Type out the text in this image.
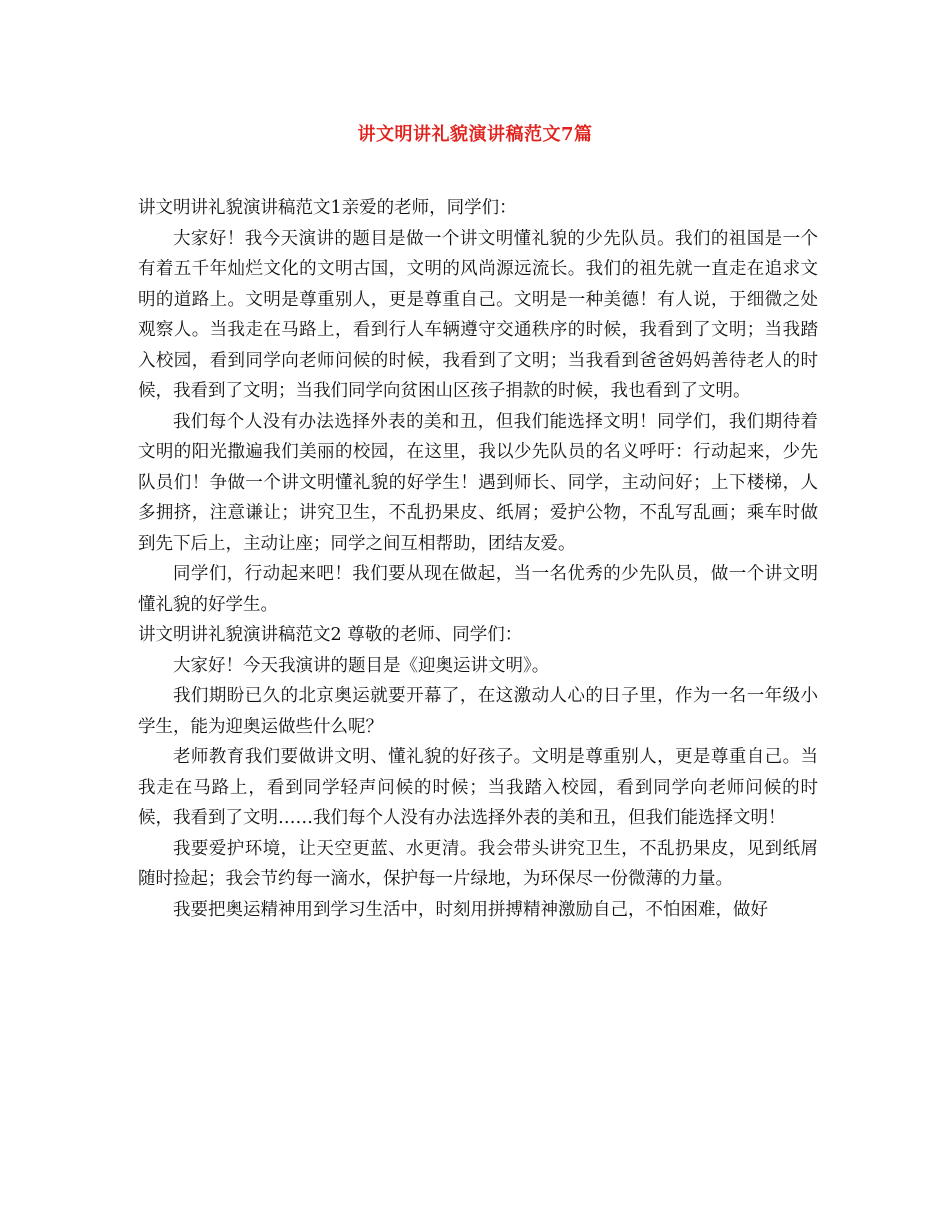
讲文明讲礼貌演讲稿范文7篇

讲文明讲礼貌演讲稿范文1亲爱的老师，同学们：

大家好！我今天演讲的题目是做一个讲文明懂礼貌的少先队员。我们的祖国是一个有着五千年灿烂文化的文明古国，文明的风尚源远流长。我们的祖先就一直走在追求文明的道路上。文明是尊重别人，更是尊重自己。文明是一种美德！有人说，于细微之处观察人。当我走在马路上，看到行人车辆遵守交通秩序的时候，我看到了文明；当我踏入校园，看到同学向老师问候的时候，我看到了文明；当我看到爸爸妈妈善待老人的时候，我看到了文明；当我们同学向贫困山区孩子捐款的时候，我也看到了文明。

我们每个人没有办法选择外表的美和丑，但我们能选择文明！同学们，我们期待着文明的阳光撒遍我们美丽的校园，在这里，我以少先队员的名义呼吁：行动起来，少先队员们！争做一个讲文明懂礼貌的好学生！遇到师长、同学，主动问好；上下楼梯，人多拥挤，注意谦让；讲究卫生，不乱扔果皮、纸屑；爱护公物，不乱写乱画；乘车时做到先下后上，主动让座；同学之间互相帮助，团结友爱。

同学们，行动起来吧！我们要从现在做起，当一名优秀的少先队员，做一个讲文明懂礼貌的好学生。

讲文明讲礼貌演讲稿范文2 尊敬的老师、同学们：

大家好！今天我演讲的题目是《迎奥运讲文明》。

我们期盼已久的北京奥运就要开幕了，在这激动人心的日子里，作为一名一年级小学生，能为迎奥运做些什么呢？

老师教育我们要做讲文明、懂礼貌的好孩子。文明是尊重别人，更是尊重自己。当我走在马路上，看到同学轻声问候的时候；当我踏入校园，看到同学向老师问候的时候，我看到了文明……我们每个人没有办法选择外表的美和丑，但我们能选择文明！

我要爱护环境，让天空更蓝、水更清。我会带头讲究卫生，不乱扔果皮，见到纸屑随时捡起；我会节约每一滴水，保护每一片绿地，为环保尽一份微薄的力量。

我要把奥运精神用到学习生活中，时刻用拼搏精神激励自己，不怕困难，做好
